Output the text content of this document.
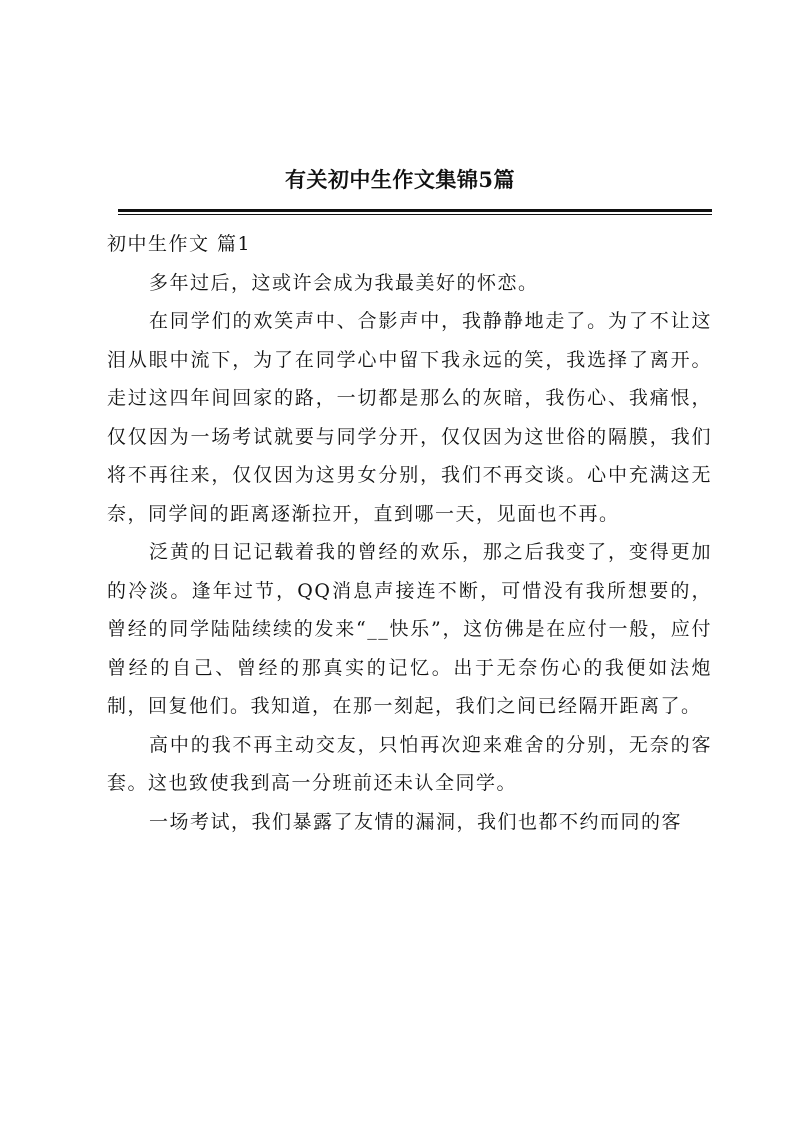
有关初中生作文集锦5篇

初中生作文 篇1

多年过后，这或许会成为我最美好的怀恋。

在同学们的欢笑声中、合影声中，我静静地走了。为了不让这泪从眼中流下，为了在同学心中留下我永远的笑，我选择了离开。走过这四年间回家的路，一切都是那么的灰暗，我伤心、我痛恨，仅仅因为一场考试就要与同学分开，仅仅因为这世俗的隔膜，我们将不再往来，仅仅因为这男女分别，我们不再交谈。心中充满这无奈，同学间的距离逐渐拉开，直到哪一天，见面也不再。

泛黄的日记记载着我的曾经的欢乐，那之后我变了，变得更加的冷淡。逢年过节，QQ消息声接连不断，可惜没有我所想要的，曾经的同学陆陆续续的发来“__快乐”，这仿佛是在应付一般，应付曾经的自己、曾经的那真实的记忆。出于无奈伤心的我便如法炮制，回复他们。我知道，在那一刻起，我们之间已经隔开距离了。

高中的我不再主动交友，只怕再次迎来难舍的分别，无奈的客套。这也致使我到高一分班前还未认全同学。

一场考试，我们暴露了友情的漏洞，我们也都不约而同的客
